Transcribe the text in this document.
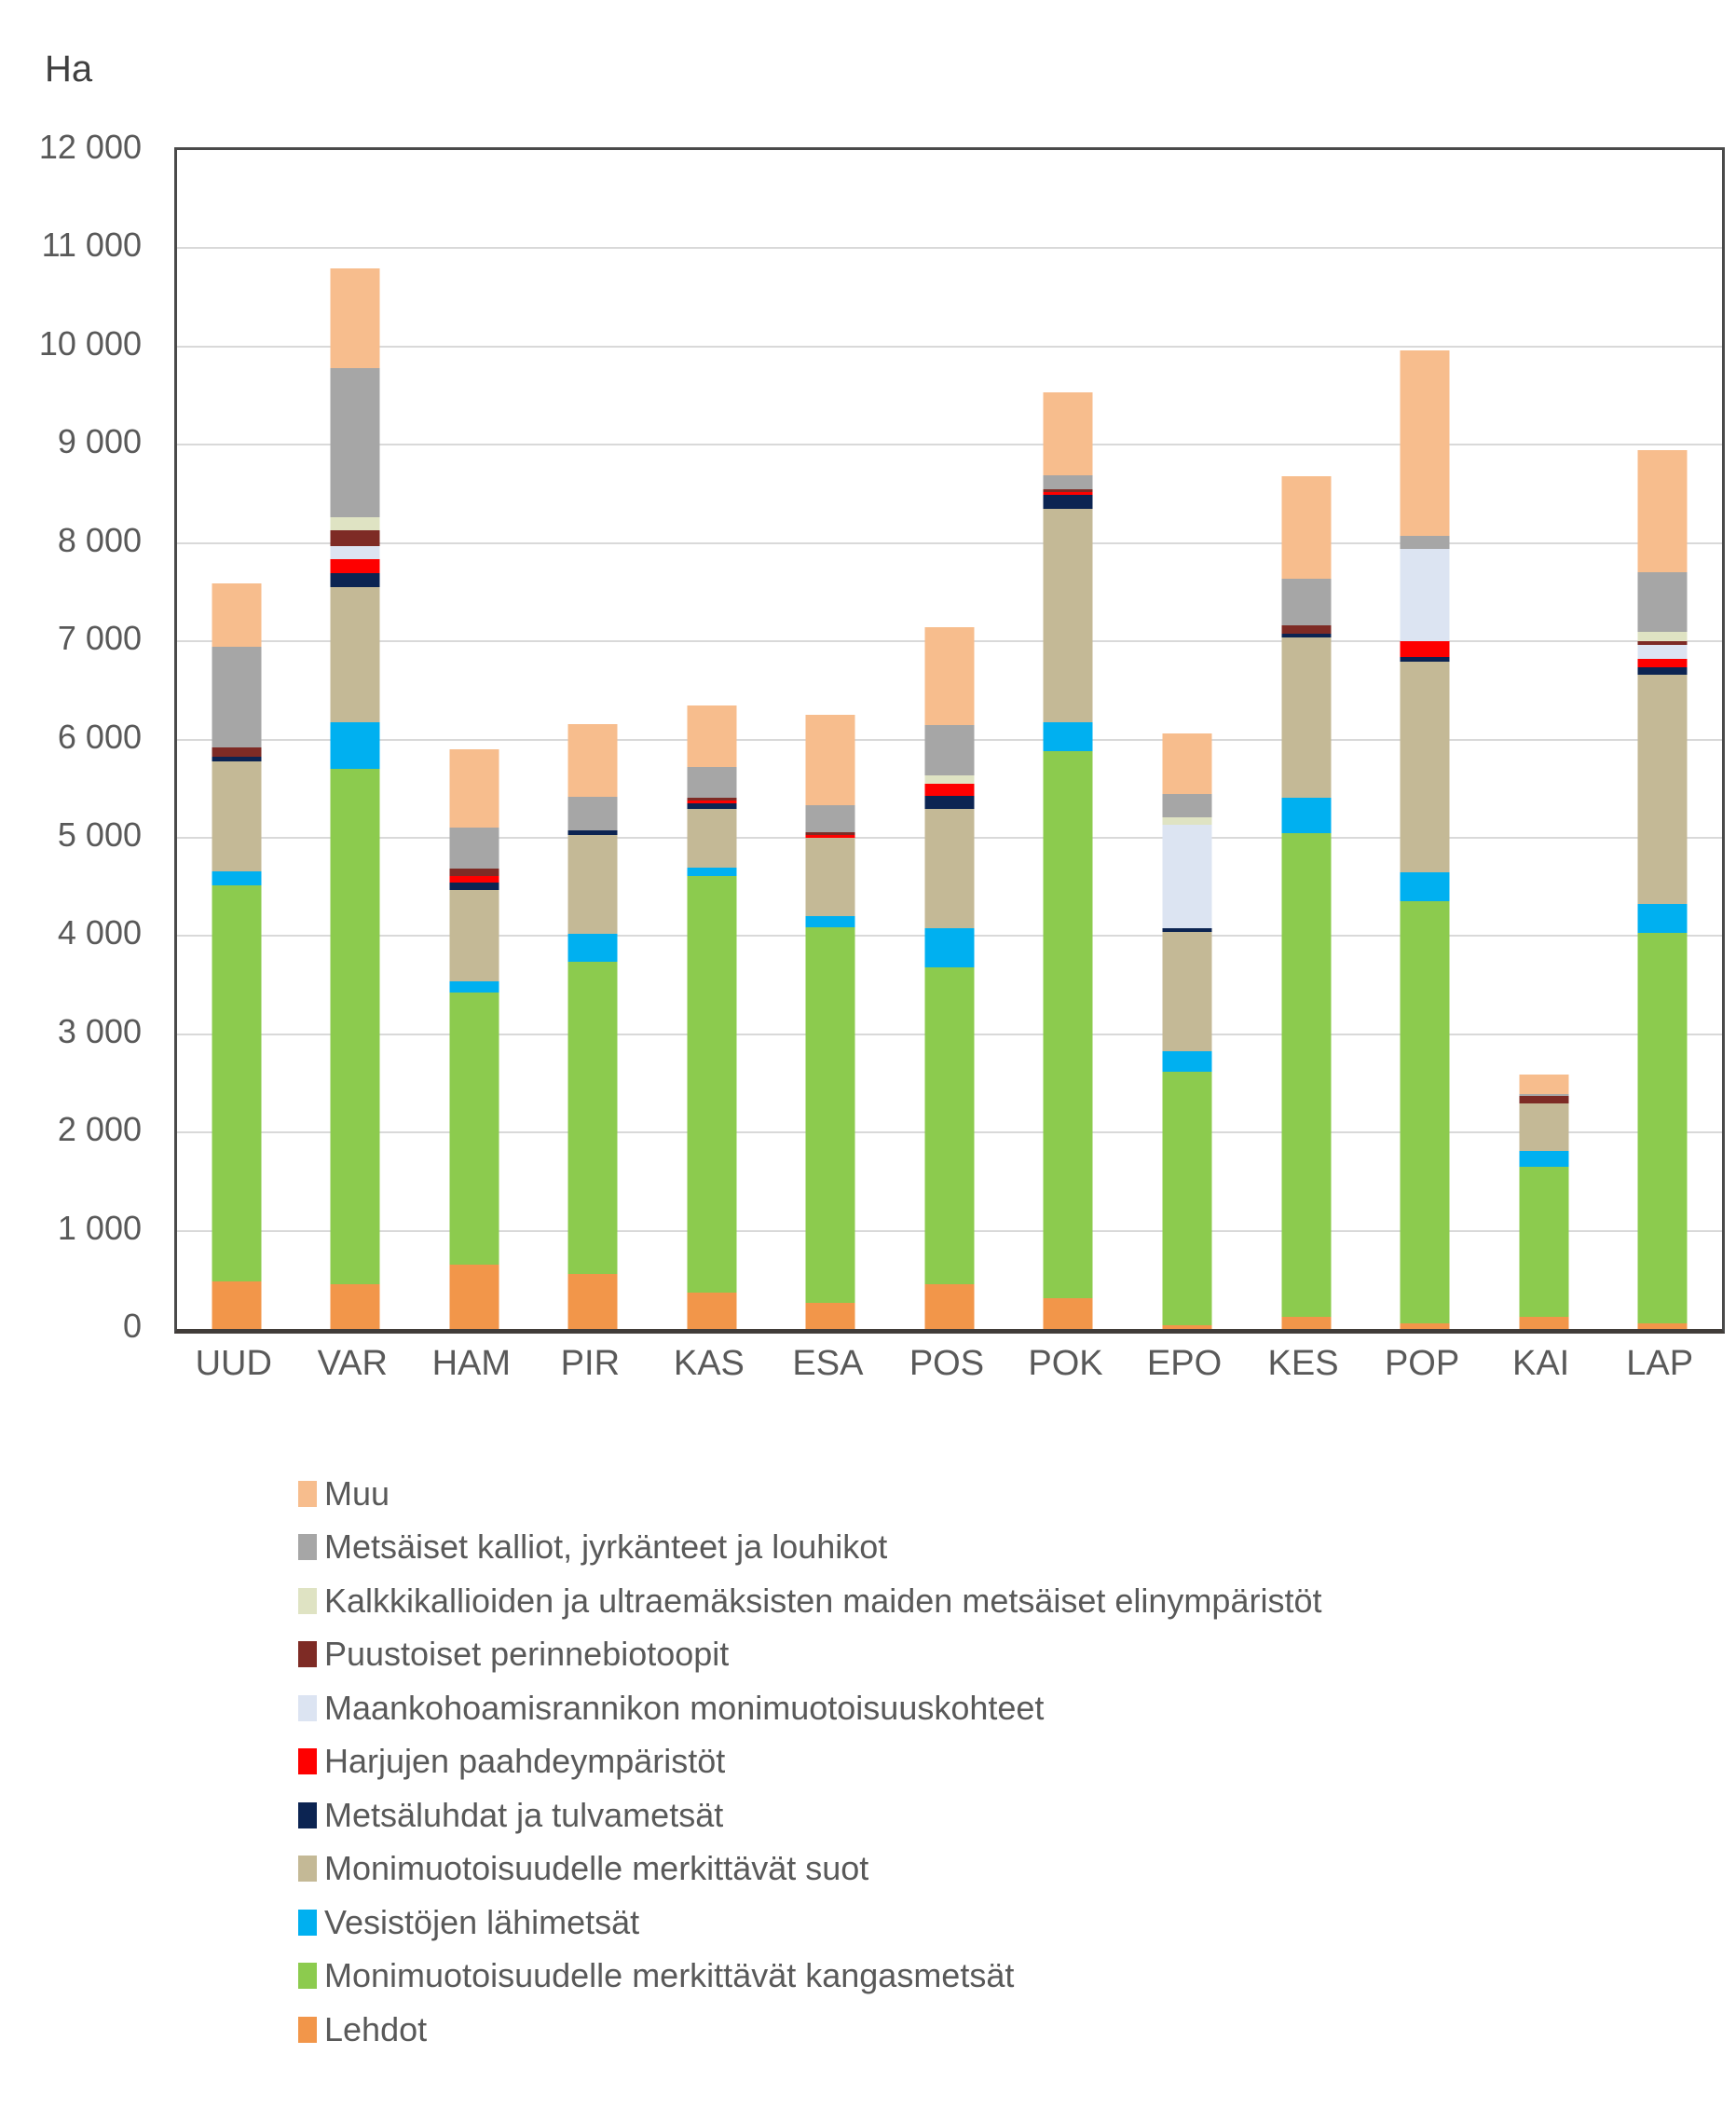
Ha
0
1 000
2 000
3 000
4 000
5 000
6 000
7 000
8 000
9 000
10 000
11 000
12 000
UUD	VAR	HAM	PIR	KAS	ESA	POS	POK	EPO	KES	POP	KAI	LAP
Muu
Metsäiset kalliot, jyrkänteet ja louhikot
Kalkkikallioiden ja ultraemäksisten maiden metsäiset elinympäristöt
Puustoiset perinnebiotoopit
Maankohoamisrannikon monimuotoisuuskohteet
Harjujen paahdeympäristöt
Metsäluhdat ja tulvametsät
Monimuotoisuudelle merkittävät suot
Vesistöjen lähimetsät
Monimuotoisuudelle merkittävät kangasmetsät
Lehdot
